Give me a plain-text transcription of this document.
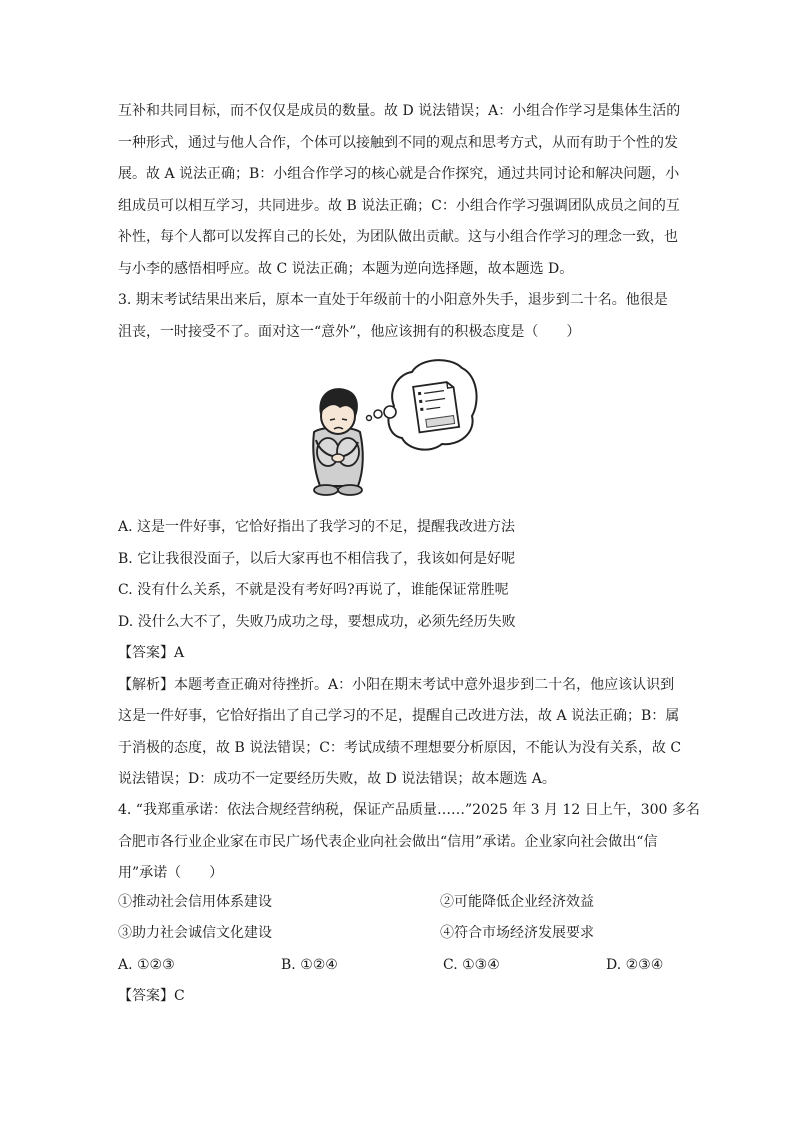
互补和共同目标，而不仅仅是成员的数量。故 D 说法错误；A：小组合作学习是集体生活的
一种形式，通过与他人合作，个体可以接触到不同的观点和思考方式，从而有助于个性的发
展。故 A 说法正确；B：小组合作学习的核心就是合作探究，通过共同讨论和解决问题，小
组成员可以相互学习，共同进步。故 B 说法正确；C：小组合作学习强调团队成员之间的互
补性，每个人都可以发挥自己的长处，为团队做出贡献。这与小组合作学习的理念一致，也
与小李的感悟相呼应。故 C 说法正确；本题为逆向选择题，故本题选 D。
3. 期末考试结果出来后，原本一直处于年级前十的小阳意外失手，退步到二十名。他很是
沮丧，一时接受不了。面对这一“意外”，他应该拥有的积极态度是（　　）
A. 这是一件好事，它恰好指出了我学习的不足，提醒我改进方法
B. 它让我很没面子，以后大家再也不相信我了，我该如何是好呢
C. 没有什么关系，不就是没有考好吗?再说了，谁能保证常胜呢
D. 没什么大不了，失败乃成功之母，要想成功，必须先经历失败
【答案】A
【解析】本题考查正确对待挫折。A：小阳在期末考试中意外退步到二十名，他应该认识到
这是一件好事，它恰好指出了自己学习的不足，提醒自己改进方法，故 A 说法正确；B：属
于消极的态度，故 B 说法错误；C：考试成绩不理想要分析原因，不能认为没有关系，故 C
说法错误；D：成功不一定要经历失败，故 D 说法错误；故本题选 A。
4. “我郑重承诺：依法合规经营纳税，保证产品质量……”2025 年 3 月 12 日上午，300 多名
合肥市各行业企业家在市民广场代表企业向社会做出“信用”承诺。企业家向社会做出“信
用”承诺（　　）
①推动社会信用体系建设	②可能降低企业经济效益
③助力社会诚信文化建设	④符合市场经济发展要求
A. ①②③	B. ①②④	C. ①③④	D. ②③④
【答案】C
